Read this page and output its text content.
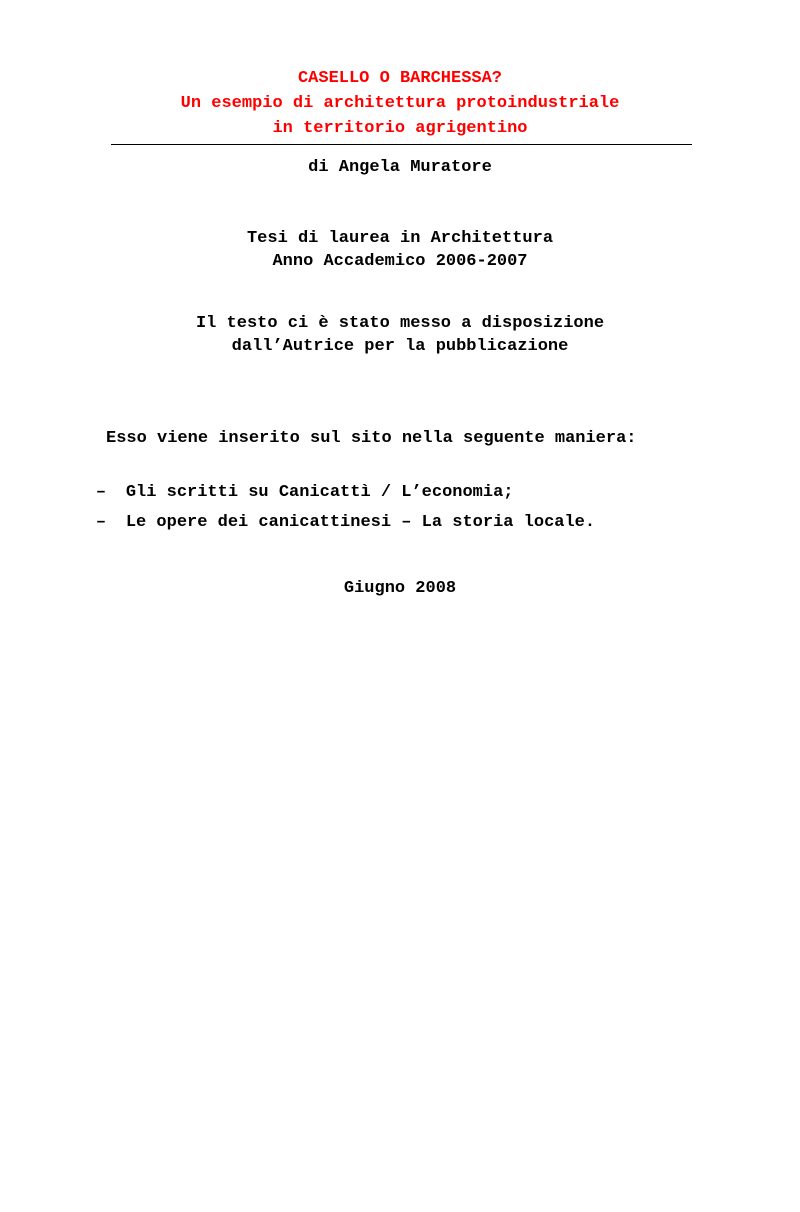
CASELLO O BARCHESSA?
Un esempio di architettura protoindustriale
in territorio agrigentino
di Angela Muratore
Tesi di laurea in Architettura
Anno Accademico 2006-2007
Il testo ci è stato messo a disposizione
dall’Autrice per la pubblicazione
Esso viene inserito sul sito nella seguente maniera:

– Gli scritti su Canicattì / L’economia;

– Le opere dei canicattinesi – La storia locale.

Giugno 2008
